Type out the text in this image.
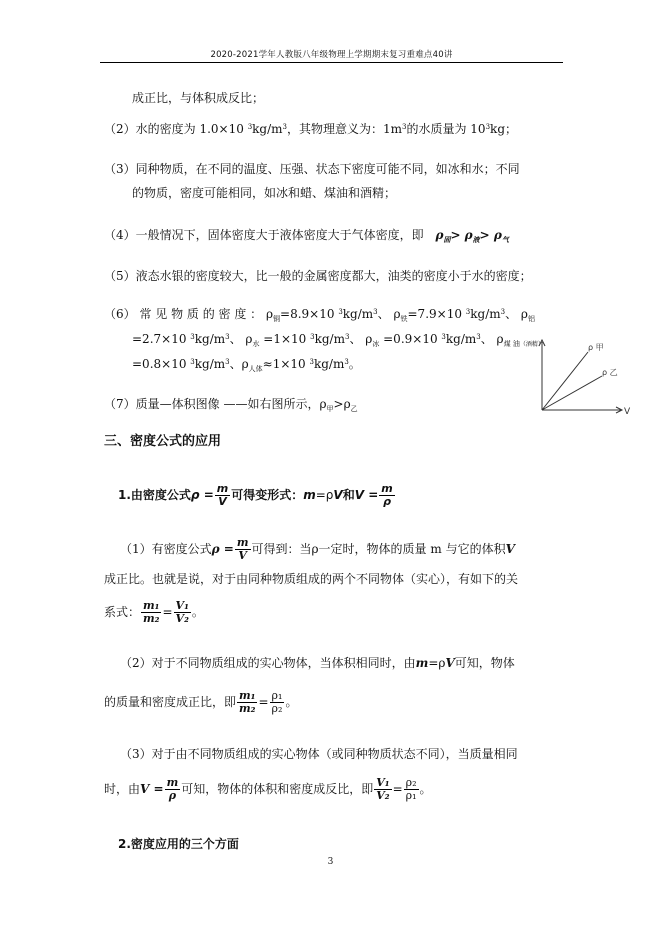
2020-2021学年人教版八年级物理上学期期末复习重难点40讲
成正比，与体积成反比；
（2）水的密度为 1.0×10 $^3kg/m^3$，其物理意义为：$1m^3$的水质量为 $10^3kg$；
（3）同种物质，在不同的温度、压强、状态下密度可能不同，如冰和水；不同
的物质，密度可能相同，如冰和蜡、煤油和酒精；
（4）一般情况下，固体密度大于液体密度大于气体密度，即 $\rho_固> \rho_液> \rho_气$
（5）液态水银的密度较大，比一般的金属密度都大，油类的密度小于水的密度；
（6） 常 见 物 质 的 密 度 ： $\rho_铜=8.9\times 10$ $^3kg/m^3$、 $\rho_铁=7.9\times 10$ $^3kg/m^3$、 $\rho_铝$
=2.7×10 $^3kg/m^3$、 $\rho_水 =1\times 10$ $^3kg/m^3$、 $\rho_冰 =0.9\times 10$ $^3kg/m^3$、 $\rho_{煤 油(酒精)}$
=0.8×10 $^3kg/m^3$、$\rho_{人体}\approx 1\times 10$ $^3kg/m^3$。
（7）质量—体积图像 ——如右图所示，$\rho_甲>\rho_乙$
ρ 甲
ρ 乙
V
三、密度公式的应用
1.由密度公式$\rho = \frac{m}{V}$ 可得变形式：m=ρV和$V = \frac{m}{\rho}$
（1）有密度公式$\rho = \frac{m}{V}$ 可得到：当ρ一定时，物体的质量 m 与它的体积V
成正比。也就是说，对于由同种物质组成的两个不同物体（实心），有如下的关
系式： $\frac{\text{m₁}}{\text{m₂}} = \frac{\text{V₁}}{\text{V₂}}$ 。
（2）对于不同物质组成的实心物体，当体积相同时，由m=ρV可知，物体
的质量和密度成正比，即 $\frac{\text{m₁}}{\text{m₂}} = \frac{\text{ρ₁}}{\text{ρ₂}}$ 。
（3）对于由不同物质组成的实心物体（或同种物质状态不同），当质量相同
时，由$V = \frac{m}{\rho}$ 可知，物体的体积和密度成反比，即 $\frac{\text{V₁}}{\text{V₂}} = \frac{\text{ρ₂}}{\text{ρ₁}}$ 。
2.密度应用的三个方面
3
